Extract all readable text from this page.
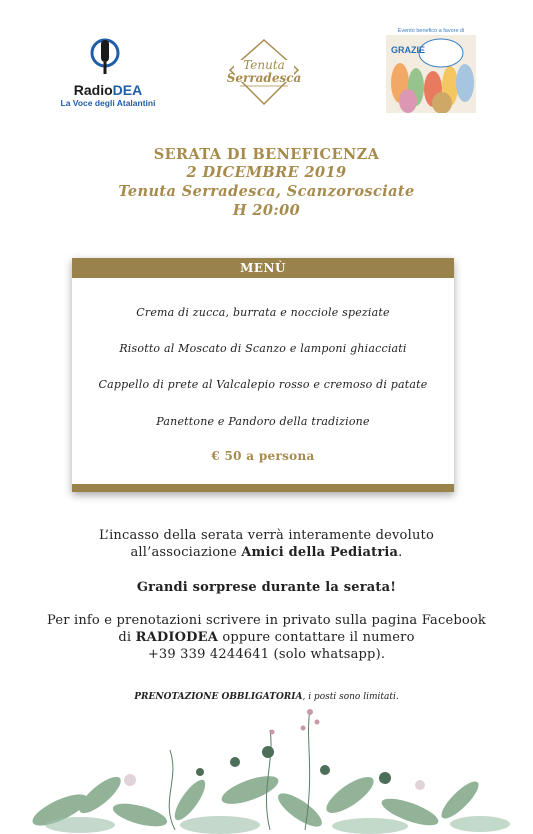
RadioDEA
La Voce degli Atalantini
Tenuta
Serradesca
Evento benefico a favore di
GRAZIE
SERATA DI BENEFICENZA
2 DICEMBRE 2019
Tenuta Serradesca, Scanzorosciate
H 20:00
MENÙ
Crema di zucca, burrata e nocciole speziate
Risotto al Moscato di Scanzo e lamponi ghiacciati
Cappello di prete al Valcalepio rosso e cremoso di patate
Panettone e Pandoro della tradizione
€ 50 a persona
L’incasso della serata verrà interamente devoluto
all’associazione Amici della Pediatria.
Grandi sorprese durante la serata!
Per info e prenotazioni scrivere in privato sulla pagina Facebook
di RADIODEA oppure contattare il numero
+39 339 4244641 (solo whatsapp).
PRENOTAZIONE OBBLIGATORIA, i posti sono limitati.
